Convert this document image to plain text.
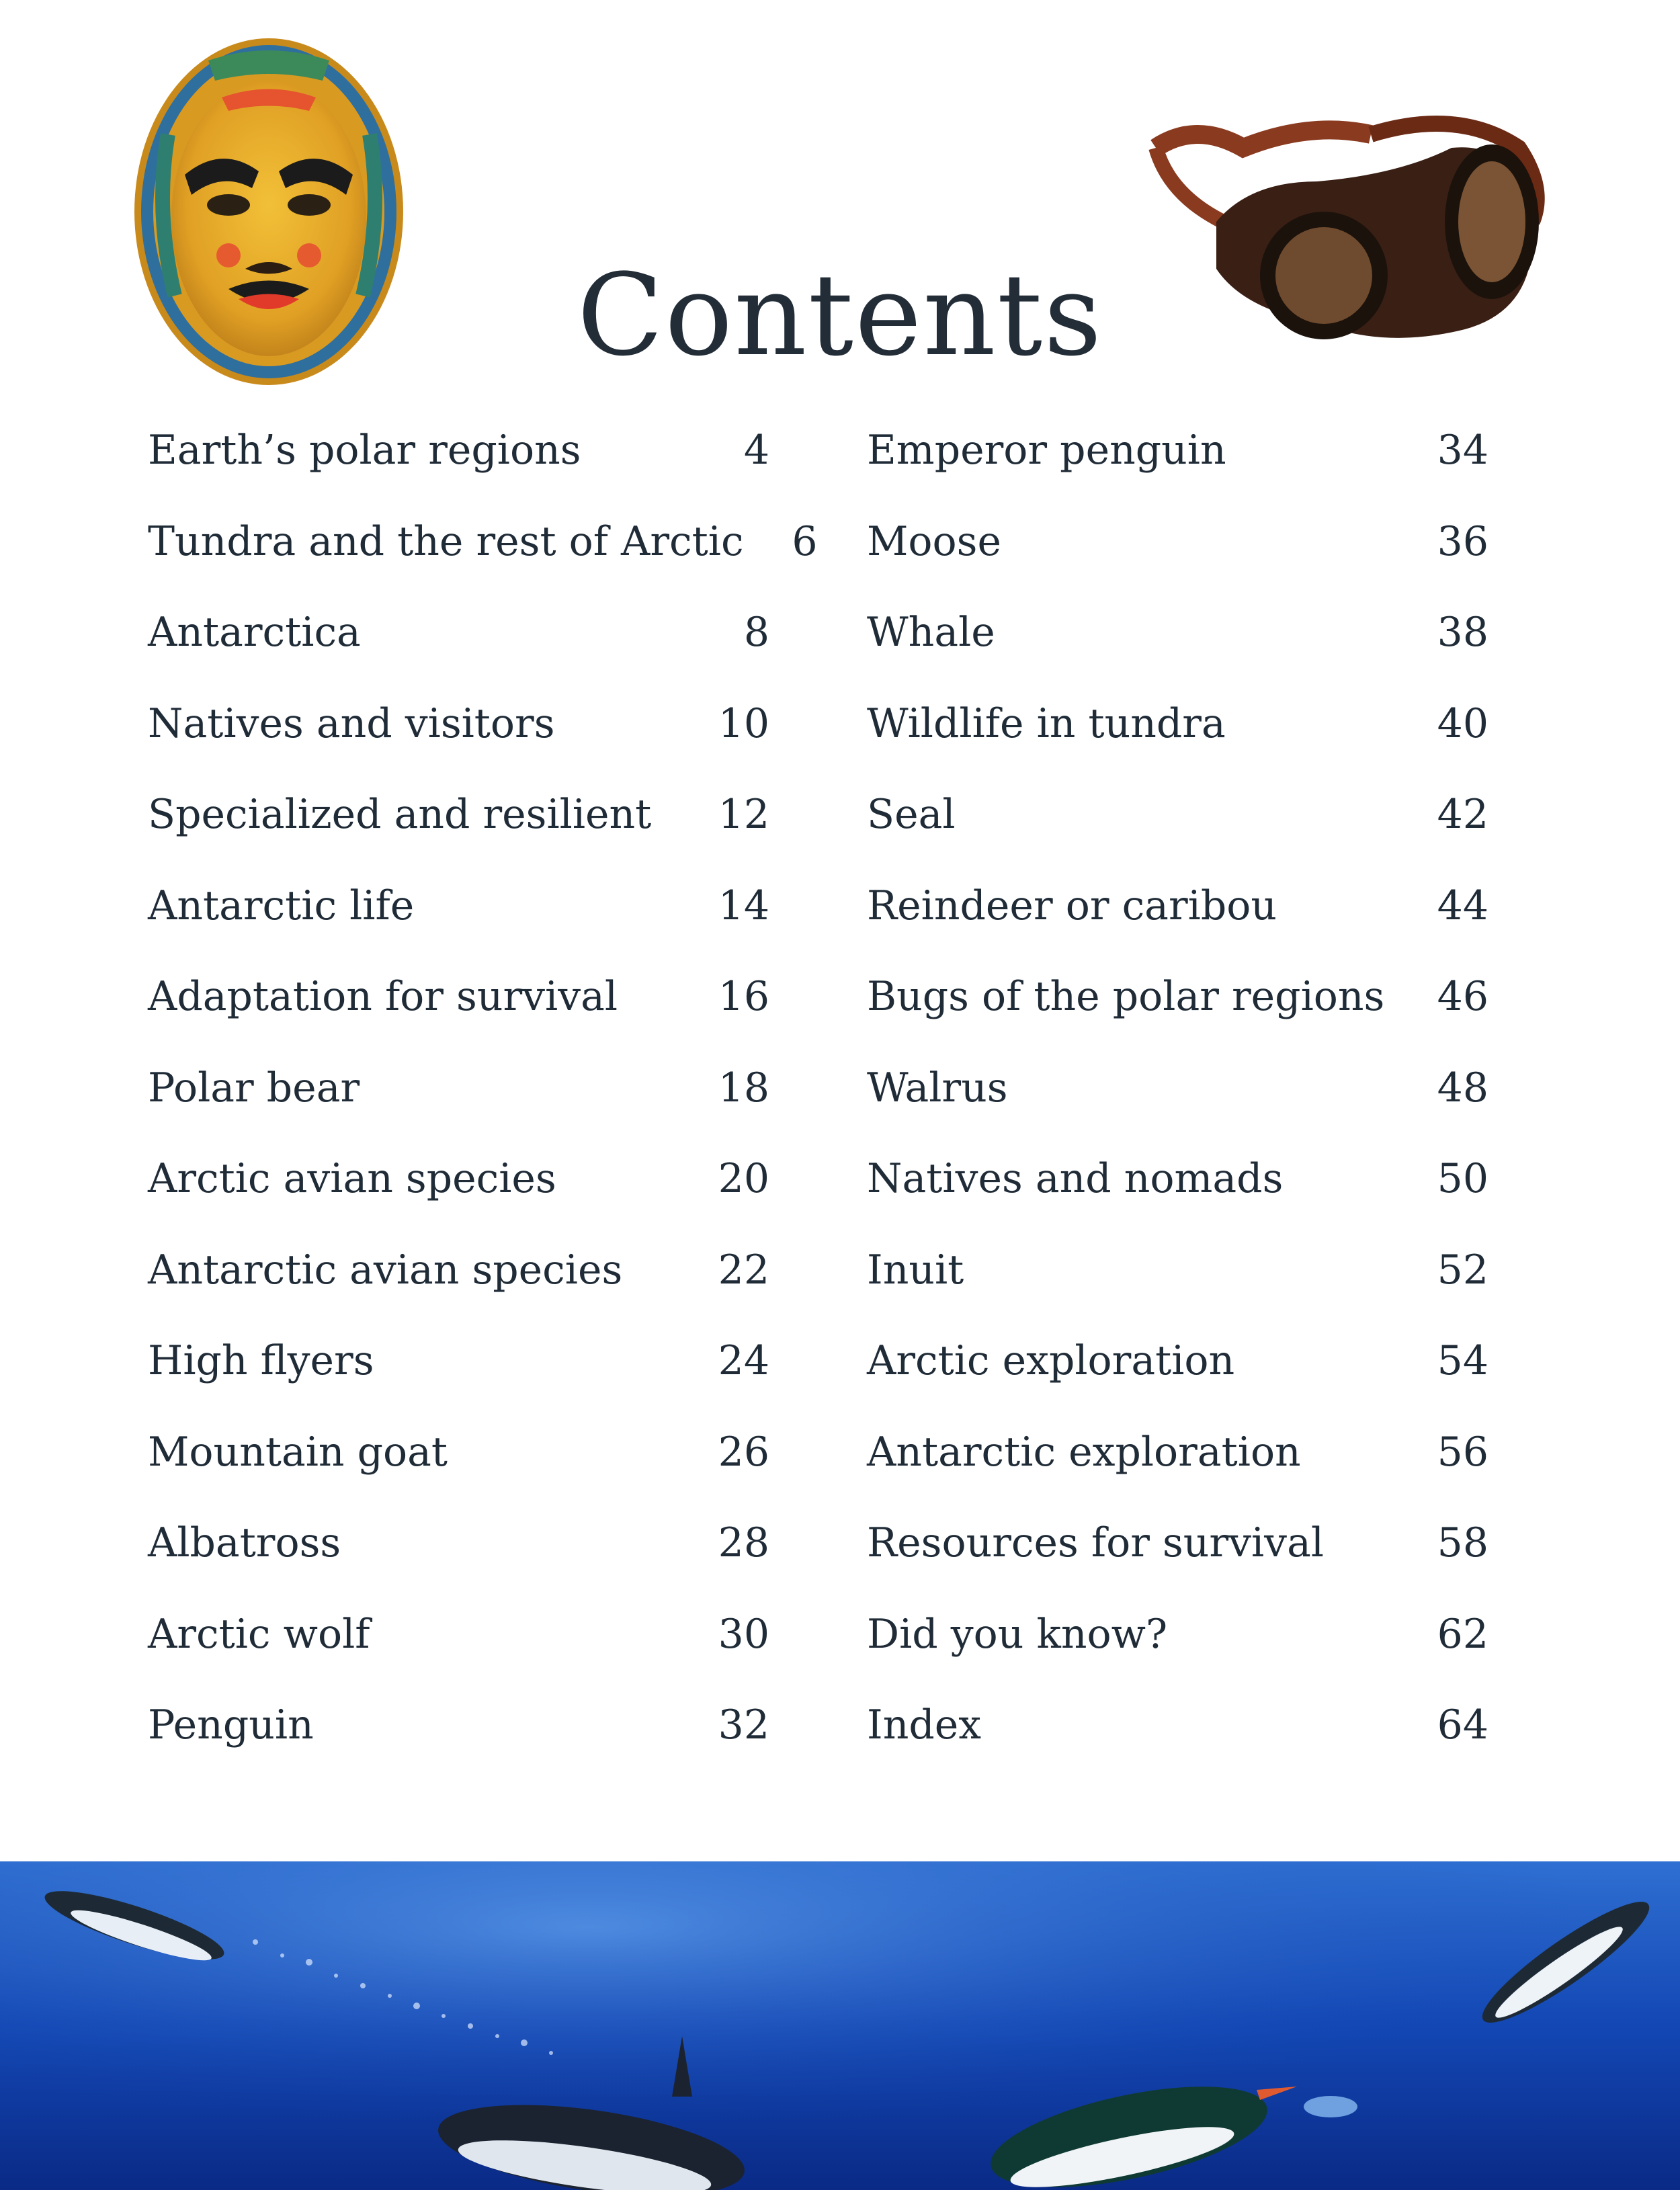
Contents
Earth’s polar regions	4
Tundra and the rest of Arctic	6
Antarctica	8
Natives and visitors	10
Specialized and resilient	12
Antarctic life	14
Adaptation for survival	16
Polar bear	18
Arctic avian species	20
Antarctic avian species	22
High flyers	24
Mountain goat	26
Albatross	28
Arctic wolf	30
Penguin	32
Emperor penguin	34
Moose	36
Whale	38
Wildlife in tundra	40
Seal	42
Reindeer or caribou	44
Bugs of the polar regions	46
Walrus	48
Natives and nomads	50
Inuit	52
Arctic exploration	54
Antarctic exploration	56
Resources for survival	58
Did you know?	62
Index	64
